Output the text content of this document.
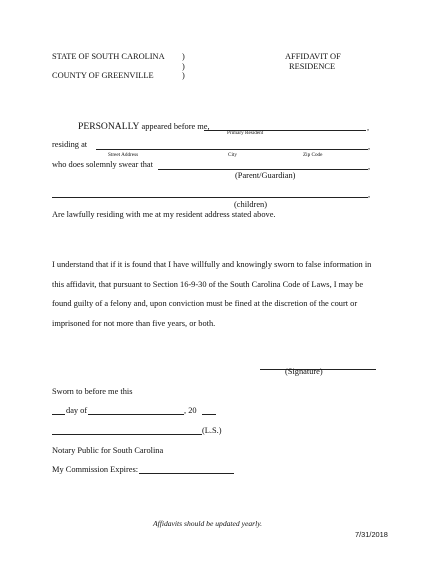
STATE OF SOUTH CAROLINA )
)
COUNTY OF GREENVILLE	)
AFFIDAVIT OF
RESIDENCE
PERSONALLY appeared before me,	,
Primary Resident
residing at	,
Street Address	City	Zip Code
who does solemnly swear that	,
(Parent/Guardian)
,
(children)
Are lawfully residing with me at my resident address stated above.
I understand that if it is found that I have willfully and knowingly sworn to false information in
this affidavit, that pursuant to Section 16-9-30 of the South Carolina Code of Laws, I may be
found guilty of a felony and, upon conviction must be fined at the discretion of the court or
imprisoned for not more than five years, or both.
(Signature)
Sworn to before me this
day of	, 20
(L.S.)
Notary Public for South Carolina
My Commission Expires:
Affidavits should be updated yearly.
7/31/2018
